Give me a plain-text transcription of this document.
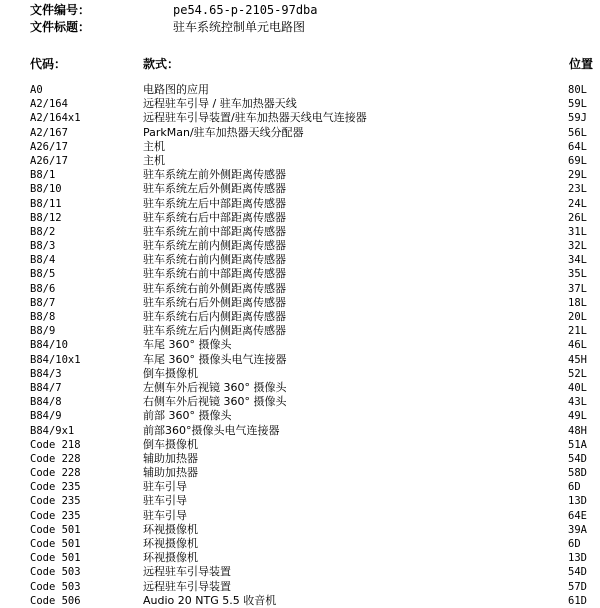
文件编号：	pe54.65-p-2105-97dba
文件标题：	驻车系统控制单元电路图
代码：	款式：	位置
A0	电路图的应用	80L
A2/164	远程驻车引导 / 驻车加热器天线	59L
A2/164x1	远程驻车引导装置/驻车加热器天线电气连接器	59J
A2/167	ParkMan/驻车加热器天线分配器	56L
A26/17	主机	64L
A26/17	主机	69L
B8/1	驻车系统左前外侧距离传感器	29L
B8/10	驻车系统左后外侧距离传感器	23L
B8/11	驻车系统左后中部距离传感器	24L
B8/12	驻车系统右后中部距离传感器	26L
B8/2	驻车系统左前中部距离传感器	31L
B8/3	驻车系统左前内侧距离传感器	32L
B8/4	驻车系统右前内侧距离传感器	34L
B8/5	驻车系统右前中部距离传感器	35L
B8/6	驻车系统右前外侧距离传感器	37L
B8/7	驻车系统右后外侧距离传感器	18L
B8/8	驻车系统右后内侧距离传感器	20L
B8/9	驻车系统左后内侧距离传感器	21L
B84/10	车尾 360° 摄像头	46L
B84/10x1	车尾 360° 摄像头电气连接器	45H
B84/3	倒车摄像机	52L
B84/7	左侧车外后视镜 360° 摄像头	40L
B84/8	右侧车外后视镜 360° 摄像头	43L
B84/9	前部 360° 摄像头	49L
B84/9x1	前部360°摄像头电气连接器	48H
Code 218	倒车摄像机	51A
Code 228	辅助加热器	54D
Code 228	辅助加热器	58D
Code 235	驻车引导	6D
Code 235	驻车引导	13D
Code 235	驻车引导	64E
Code 501	环视摄像机	39A
Code 501	环视摄像机	6D
Code 501	环视摄像机	13D
Code 503	远程驻车引导装置	54D
Code 503	远程驻车引导装置	57D
Code 506	Audio 20 NTG 5.5 收音机	61D
